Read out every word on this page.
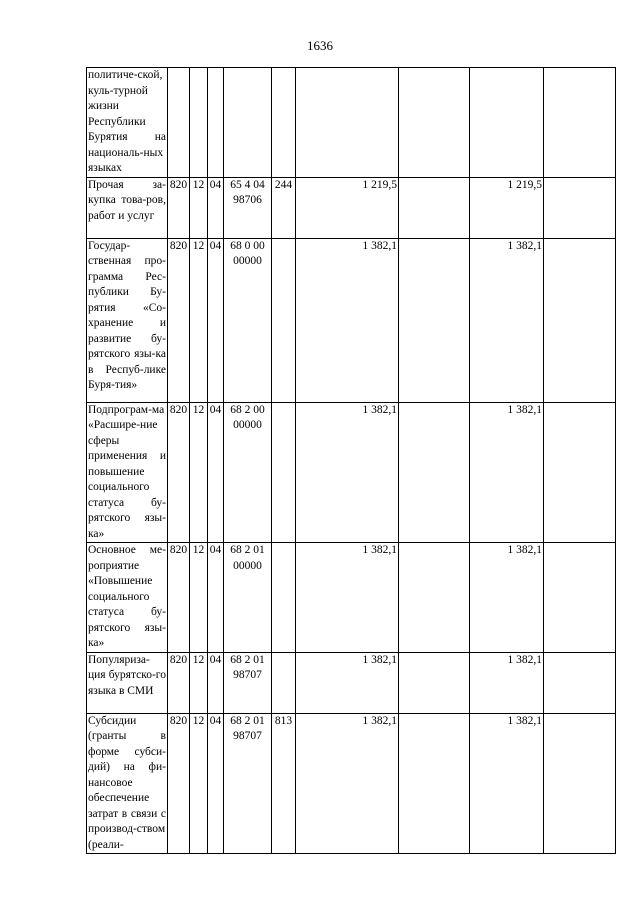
1636
политиче-ской, куль-турной жизни Республики Бурятия на националь-ных языках									
Прочая за-купка това-ров, работ и услуг	820	12	04	65 4 04 98706	244	1 219,5		1 219,5	
Государ-ственная про-грамма Рес-публики Бу-рятия «Со-хранение и развитие бу-рятского язы-ка в Респуб-лике Буря-тия»	820	12	04	68 0 00 00000		1 382,1		1 382,1	
Подпрограм-ма «Расшире-ние сферы применения и повышение социального статуса бу-рятского язы-ка»	820	12	04	68 2 00 00000		1 382,1		1 382,1	
Основное ме-роприятие «Повышение социального статуса бу-рятского язы-ка»	820	12	04	68 2 01 00000		1 382,1		1 382,1	
Популяриза-ция бурятско-го языка в СМИ	820	12	04	68 2 01 98707		1 382,1		1 382,1	
Субсидии (гранты в форме субси-дий) на фи-нансовое обеспечение затрат в связи с производ-ством (реали-	820	12	04	68 2 01 98707	813	1 382,1		1 382,1	
